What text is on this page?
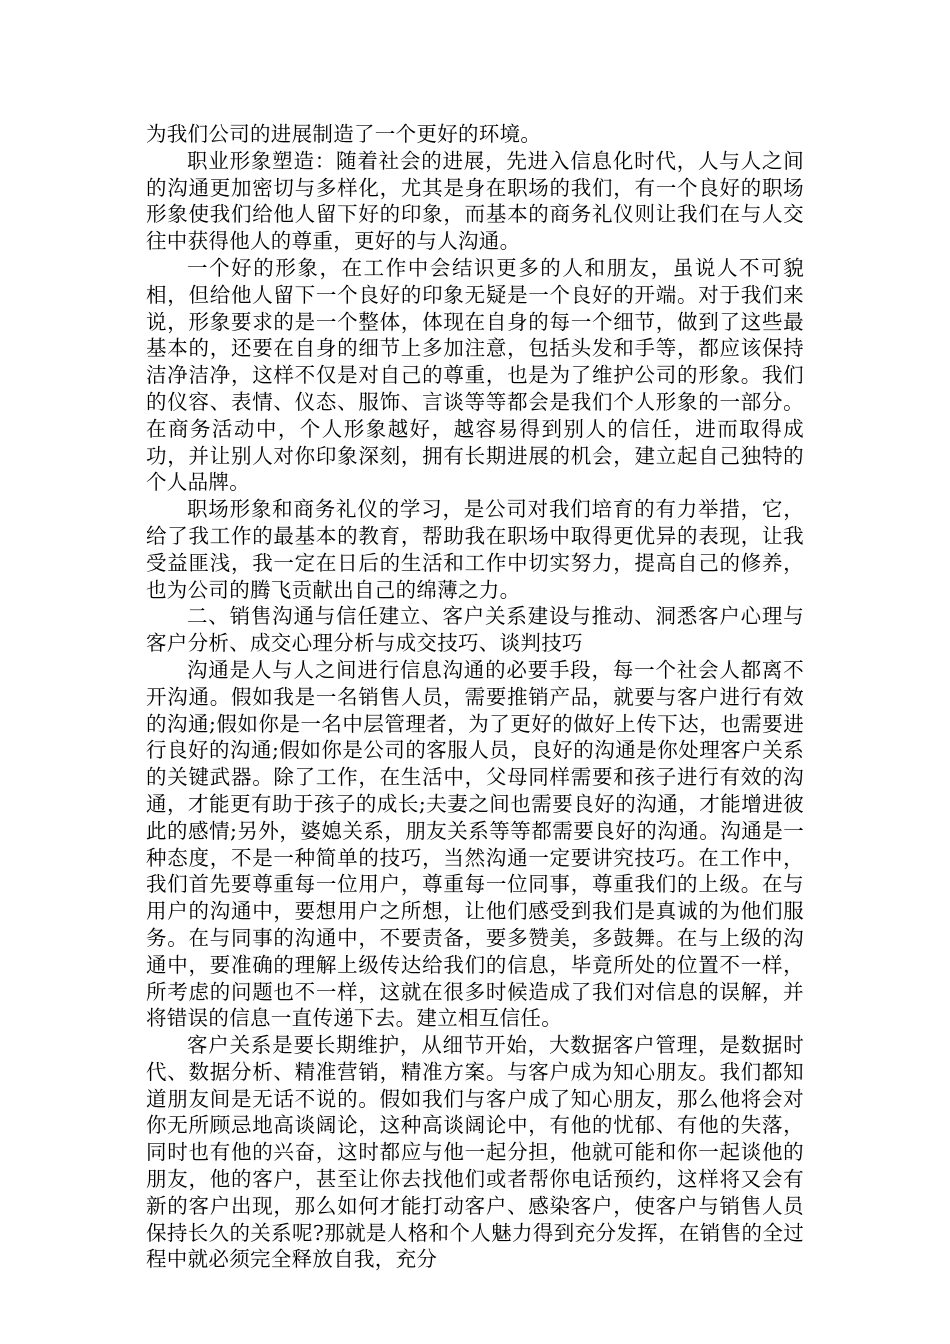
为我们公司的进展制造了一个更好的环境。

职业形象塑造：随着社会的进展，先进入信息化时代，人与人之间的沟通更加密切与多样化，尤其是身在职场的我们，有一个良好的职场形象使我们给他人留下好的印象，而基本的商务礼仪则让我们在与人交往中获得他人的尊重，更好的与人沟通。

一个好的形象，在工作中会结识更多的人和朋友，虽说人不可貌相，但给他人留下一个良好的印象无疑是一个良好的开端。对于我们来说，形象要求的是一个整体，体现在自身的每一个细节，做到了这些最基本的，还要在自身的细节上多加注意，包括头发和手等，都应该保持洁净洁净，这样不仅是对自己的尊重，也是为了维护公司的形象。我们的仪容、表情、仪态、服饰、言谈等等都会是我们个人形象的一部分。在商务活动中，个人形象越好，越容易得到别人的信任，进而取得成功，并让别人对你印象深刻，拥有长期进展的机会，建立起自己独特的个人品牌。

职场形象和商务礼仪的学习，是公司对我们培育的有力举措，它，给了我工作的最基本的教育，帮助我在职场中取得更优异的表现，让我受益匪浅，我一定在日后的生活和工作中切实努力，提高自己的修养，也为公司的腾飞贡献出自己的绵薄之力。

二、销售沟通与信任建立、客户关系建设与推动、洞悉客户心理与客户分析、成交心理分析与成交技巧、谈判技巧

沟通是人与人之间进行信息沟通的必要手段，每一个社会人都离不开沟通。假如我是一名销售人员，需要推销产品，就要与客户进行有效的沟通;假如你是一名中层管理者，为了更好的做好上传下达，也需要进行良好的沟通;假如你是公司的客服人员，良好的沟通是你处理客户关系的关键武器。除了工作，在生活中，父母同样需要和孩子进行有效的沟通，才能更有助于孩子的成长;夫妻之间也需要良好的沟通，才能增进彼此的感情;另外，婆媳关系，朋友关系等等都需要良好的沟通。沟通是一种态度，不是一种简单的技巧，当然沟通一定要讲究技巧。在工作中，我们首先要尊重每一位用户，尊重每一位同事，尊重我们的上级。在与用户的沟通中，要想用户之所想，让他们感受到我们是真诚的为他们服务。在与同事的沟通中，不要责备，要多赞美，多鼓舞。在与上级的沟通中，要准确的理解上级传达给我们的信息，毕竟所处的位置不一样，所考虑的问题也不一样，这就在很多时候造成了我们对信息的误解，并将错误的信息一直传递下去。建立相互信任。

客户关系是要长期维护，从细节开始，大数据客户管理，是数据时代、数据分析、精准营销，精准方案。与客户成为知心朋友。我们都知道朋友间是无话不说的。假如我们与客户成了知心朋友，那么他将会对你无所顾忌地高谈阔论，这种高谈阔论中，有他的忧郁、有他的失落，同时也有他的兴奋，这时都应与他一起分担，他就可能和你一起谈他的朋友，他的客户，甚至让你去找他们或者帮你电话预约，这样将又会有新的客户出现，那么如何才能打动客户、感染客户，使客户与销售人员保持长久的关系呢?那就是人格和个人魅力得到充分发挥，在销售的全过程中就必须完全释放自我，充分
